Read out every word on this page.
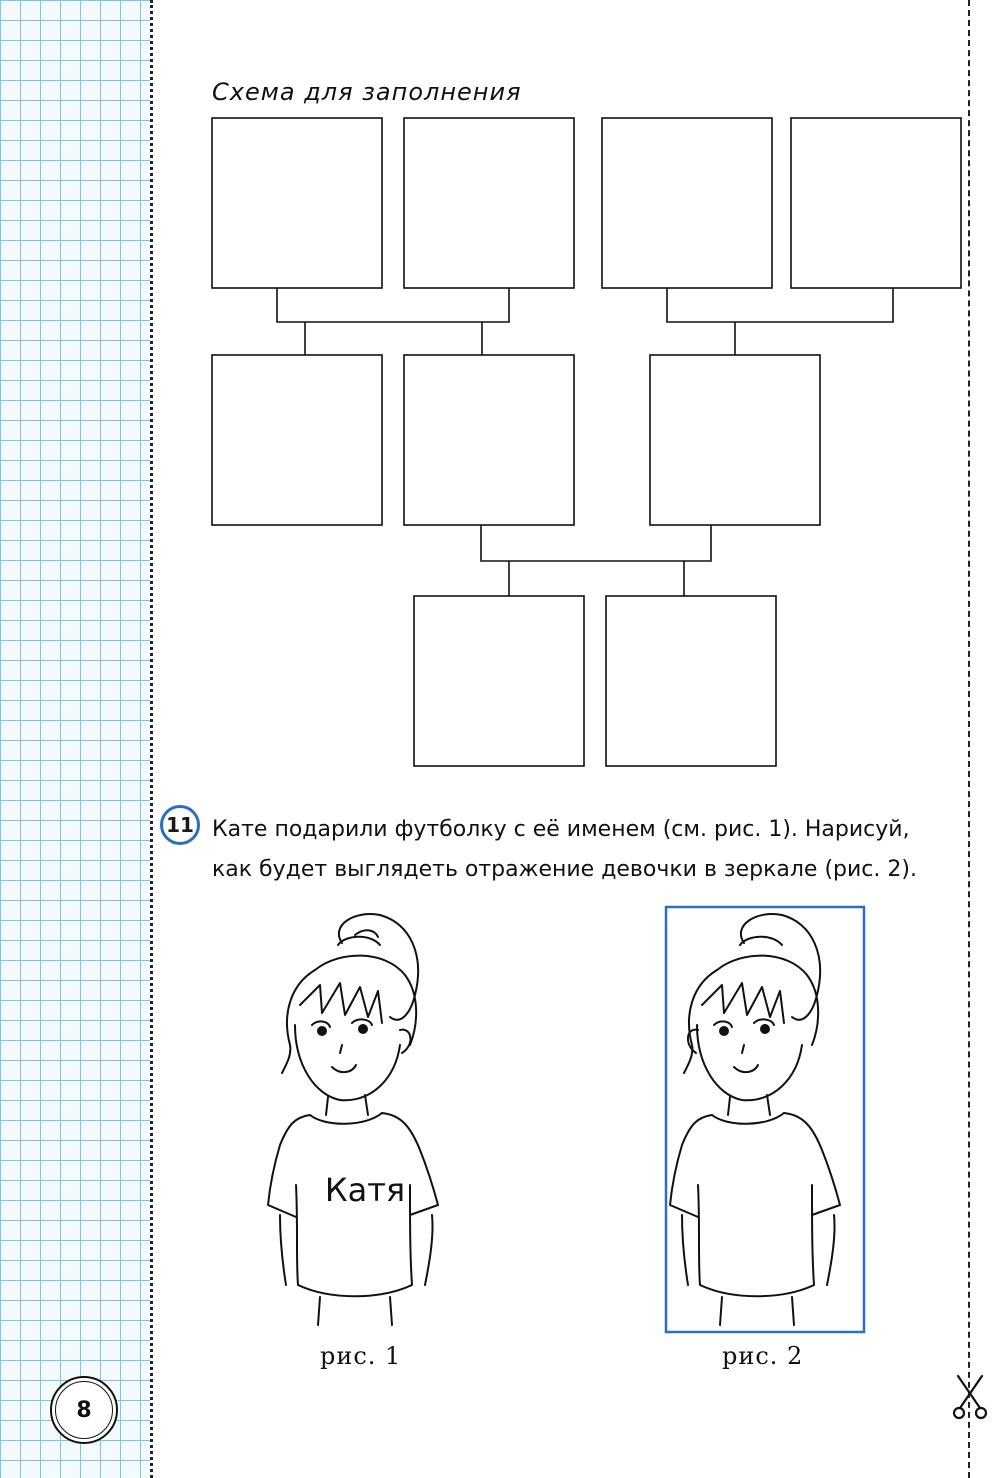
Схема для заполнения
11 Кате подарили футболку с её именем (см. рис. 1). Нарисуй,
как будет выглядеть отражение девочки в зеркале (рис. 2).
Катя
рис. 1	рис. 2
8
